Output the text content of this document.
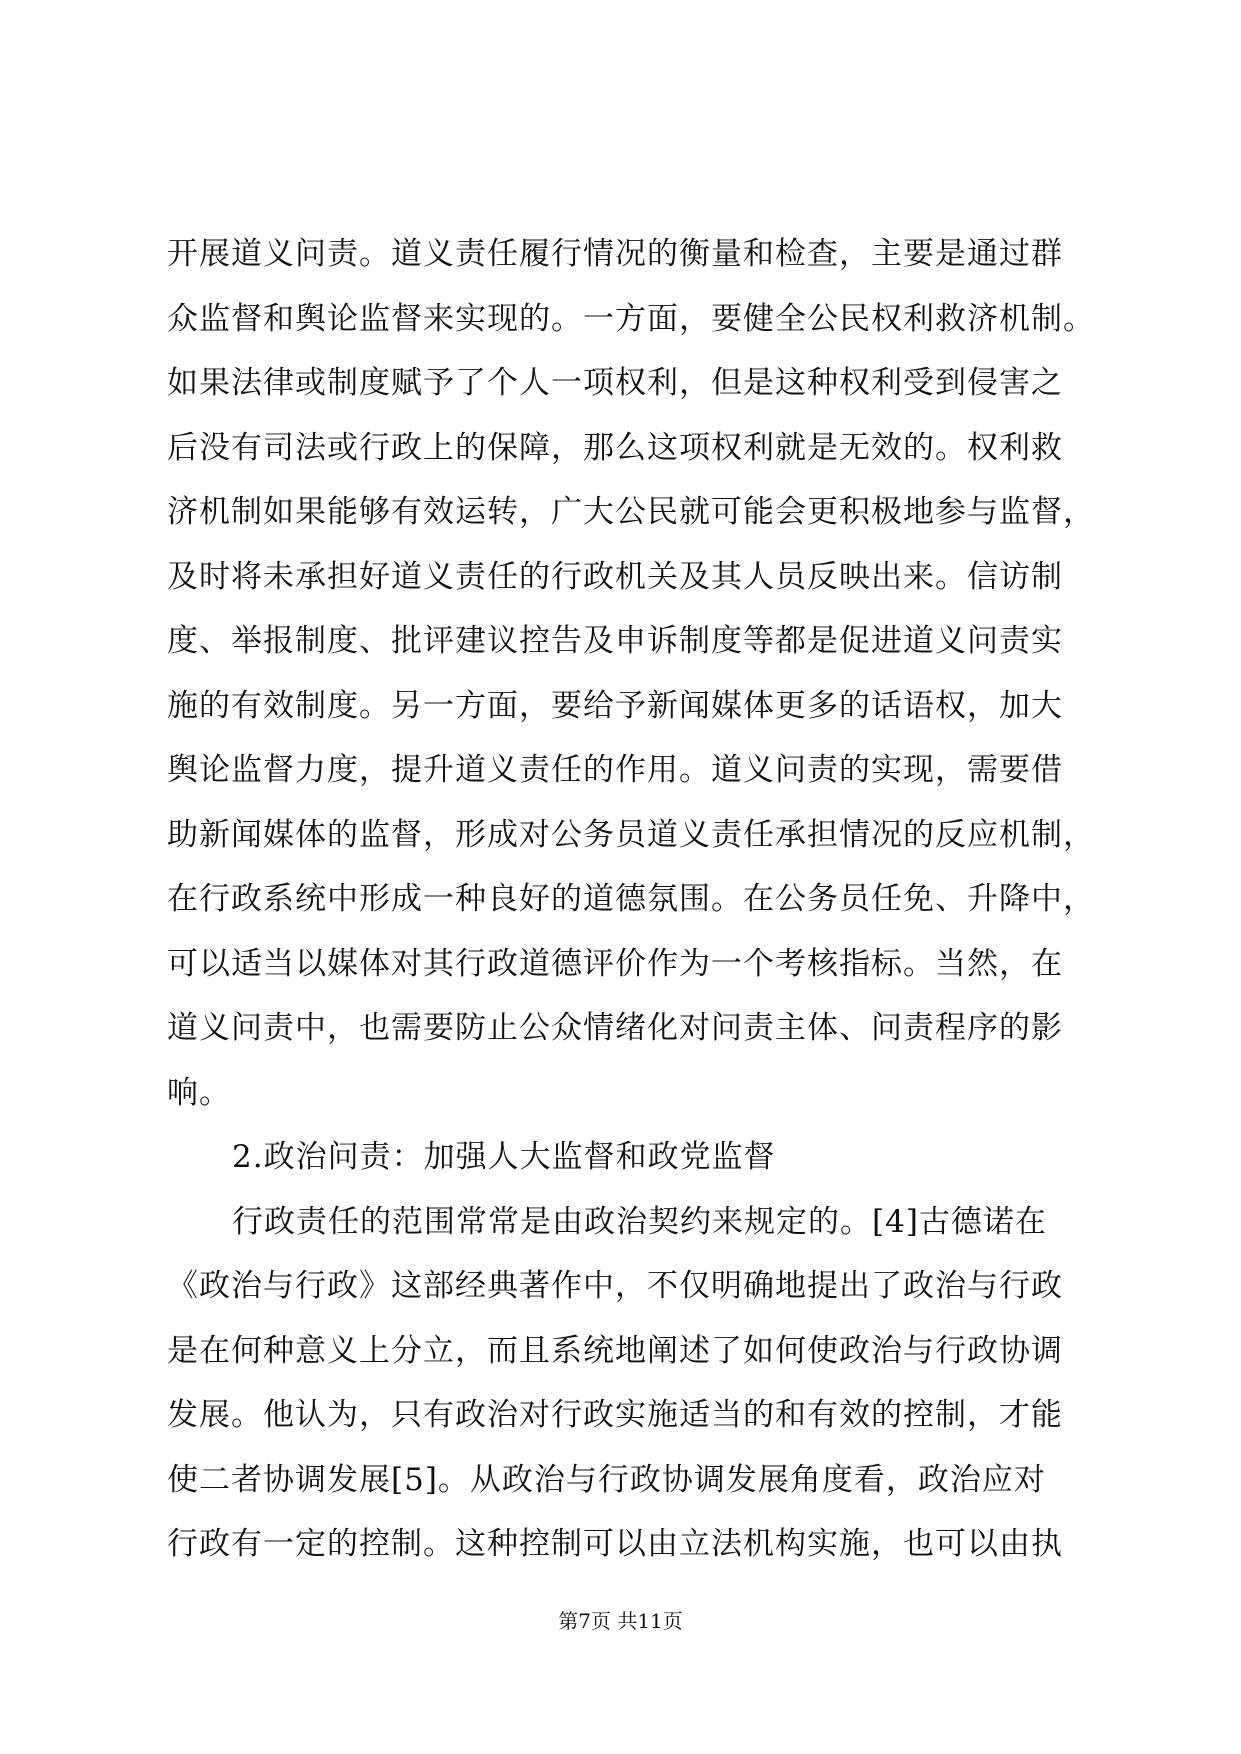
开展道义问责。道义责任履行情况的衡量和检查，主要是通过群
众监督和舆论监督来实现的。一方面，要健全公民权利救济机制。
如果法律或制度赋予了个人一项权利，但是这种权利受到侵害之
后没有司法或行政上的保障，那么这项权利就是无效的。权利救
济机制如果能够有效运转，广大公民就可能会更积极地参与监督，
及时将未承担好道义责任的行政机关及其人员反映出来。信访制
度、举报制度、批评建议控告及申诉制度等都是促进道义问责实
施的有效制度。另一方面，要给予新闻媒体更多的话语权，加大
舆论监督力度，提升道义责任的作用。道义问责的实现，需要借
助新闻媒体的监督，形成对公务员道义责任承担情况的反应机制，
在行政系统中形成一种良好的道德氛围。在公务员任免、升降中，
可以适当以媒体对其行政道德评价作为一个考核指标。当然，在
道义问责中，也需要防止公众情绪化对问责主体、问责程序的影
响。
2.政治问责：加强人大监督和政党监督
行政责任的范围常常是由政治契约来规定的。[4]古德诺在
《政治与行政》这部经典著作中，不仅明确地提出了政治与行政
是在何种意义上分立，而且系统地阐述了如何使政治与行政协调
发展。他认为，只有政治对行政实施适当的和有效的控制，才能
使二者协调发展[5]。从政治与行政协调发展角度看，政治应对
行政有一定的控制。这种控制可以由立法机构实施，也可以由执
第7页 共11页
